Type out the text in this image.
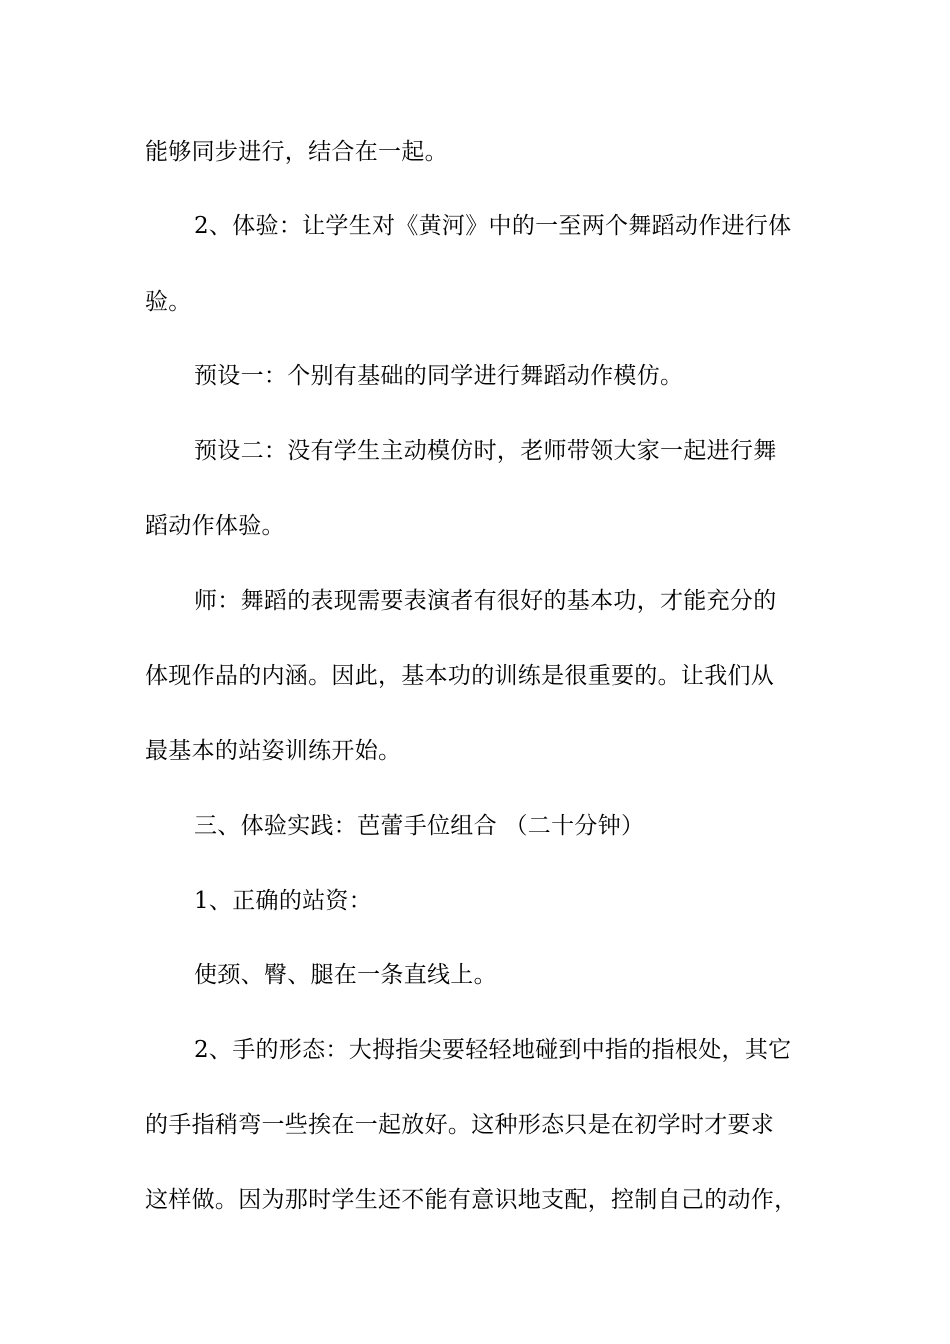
能够同步进行，结合在一起。
2、体验：让学生对《黄河》中的一至两个舞蹈动作进行体
验。
预设一：个别有基础的同学进行舞蹈动作模仿。
预设二：没有学生主动模仿时，老师带领大家一起进行舞
蹈动作体验。
师：舞蹈的表现需要表演者有很好的基本功，才能充分的
体现作品的内涵。因此，基本功的训练是很重要的。让我们从
最基本的站姿训练开始。
三、体验实践：芭蕾手位组合 （二十分钟）
1、正确的站资：
使颈、臀、腿在一条直线上。
2、手的形态：大拇指尖要轻轻地碰到中指的指根处，其它
的手指稍弯一些挨在一起放好。这种形态只是在初学时才要求
这样做。因为那时学生还不能有意识地支配，控制自己的动作，
